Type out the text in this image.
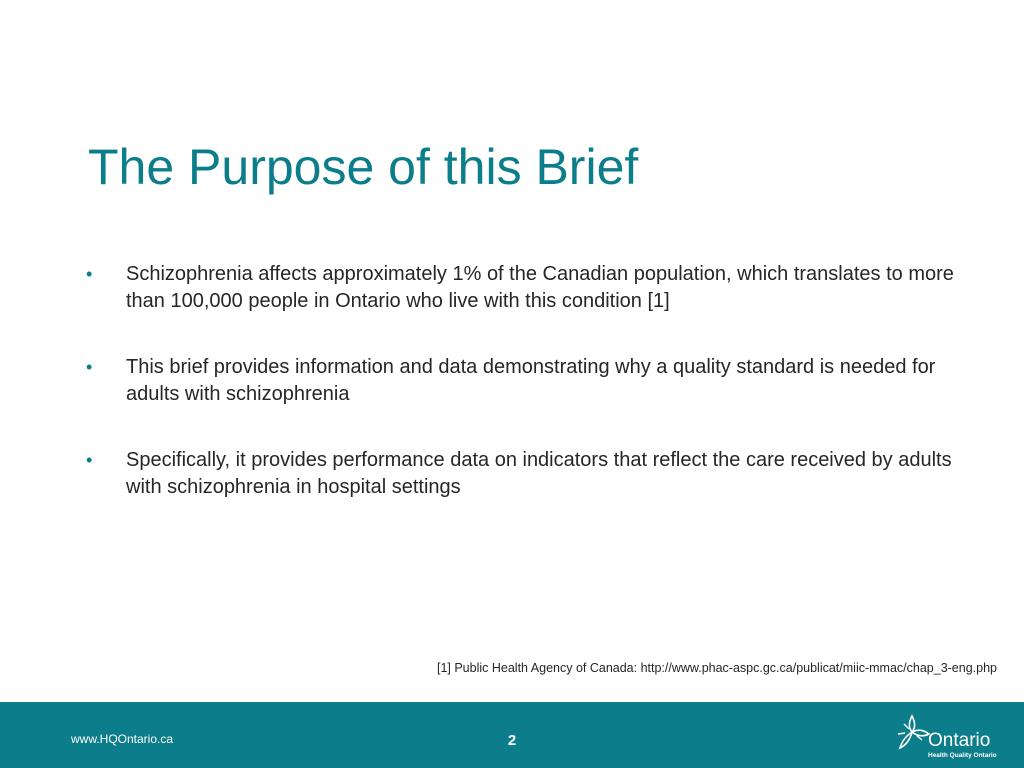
The Purpose of this Brief
• Schizophrenia affects approximately 1% of the Canadian population, which translates to more than 100,000 people in Ontario who live with this condition [1]
• This brief provides information and data demonstrating why a quality standard is needed for adults with schizophrenia
• Specifically, it provides performance data on indicators that reflect the care received by adults with schizophrenia in hospital settings
[1] Public Health Agency of Canada: http://www.phac-aspc.gc.ca/publicat/miic-mmac/chap_3-eng.php
www.HQOntario.ca	2	Ontario
Health Quality Ontario
